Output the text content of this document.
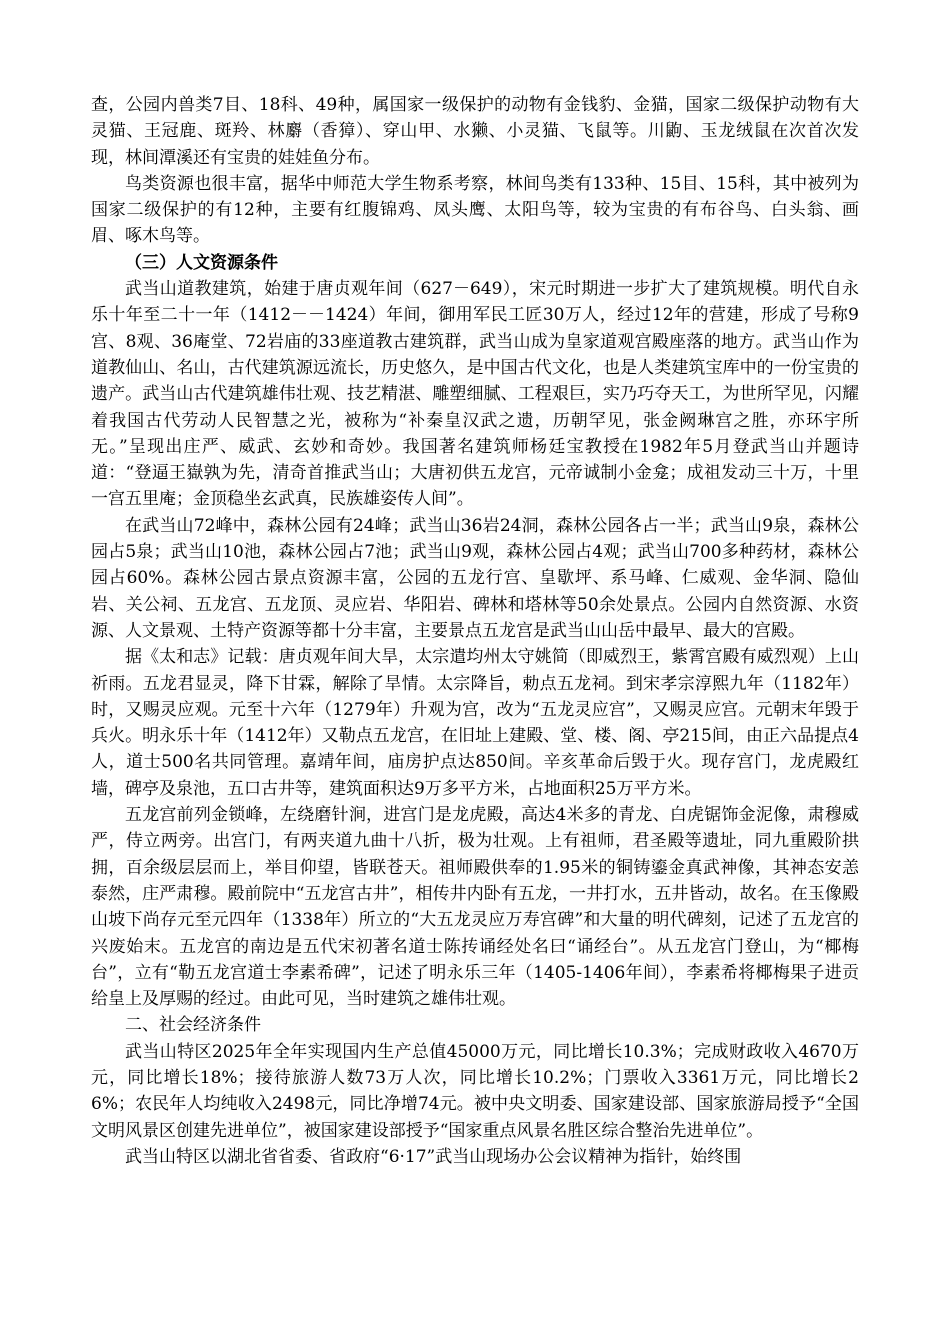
查，公园内兽类7目、18科、49种，属国家一级保护的动物有金钱豹、金猫，国家二级保护动物有大灵猫、王冠鹿、斑羚、林麝（香獐）、穿山甲、水獭、小灵猫、飞鼠等。川鼩、玉龙绒鼠在次首次发现，林间潭溪还有宝贵的娃娃鱼分布。

鸟类资源也很丰富，据华中师范大学生物系考察，林间鸟类有133种、15目、15科，其中被列为国家二级保护的有12种，主要有红腹锦鸡、凤头鹰、太阳鸟等，较为宝贵的有布谷鸟、白头翁、画眉、啄木鸟等。

（三）人文资源条件

武当山道教建筑，始建于唐贞观年间（627－649），宋元时期进一步扩大了建筑规模。明代自永乐十年至二十一年（1412－－1424）年间，御用军民工匠30万人，经过12年的营建，形成了号称9宫、8观、36庵堂、72岩庙的33座道教古建筑群，武当山成为皇家道观宫殿座落的地方。武当山作为道教仙山、名山，古代建筑源远流长，历史悠久，是中国古代文化，也是人类建筑宝库中的一份宝贵的遗产。武当山古代建筑雄伟壮观、技艺精湛、雕塑细腻、工程艰巨，实乃巧夺天工，为世所罕见，闪耀着我国古代劳动人民智慧之光，被称为“补秦皇汉武之遗，历朝罕见，张金阙琳宫之胜，亦环宇所无。”呈现出庄严、威武、玄妙和奇妙。我国著名建筑师杨廷宝教授在1982年5月登武当山并题诗道：“登逼王嶽孰为先，清奇首推武当山；大唐初供五龙宫，元帝诚制小金龛；成祖发动三十万，十里一宫五里庵；金顶稳坐玄武真，民族雄姿传人间”。

在武当山72峰中，森林公园有24峰；武当山36岩24洞，森林公园各占一半；武当山9泉，森林公园占5泉；武当山10池，森林公园占7池；武当山9观，森林公园占4观；武当山700多种药材，森林公园占60%。森林公园古景点资源丰富，公园的五龙行宫、皇歇坪、系马峰、仁威观、金华洞、隐仙岩、关公祠、五龙宫、五龙顶、灵应岩、华阳岩、碑林和塔林等50余处景点。公园内自然资源、水资源、人文景观、土特产资源等都十分丰富，主要景点五龙宫是武当山山岳中最早、最大的宫殿。

据《太和志》记载：唐贞观年间大旱，太宗遣均州太守姚简（即威烈王，紫霄宫殿有威烈观）上山祈雨。五龙君显灵，降下甘霖，解除了旱情。太宗降旨，勅点五龙祠。到宋孝宗淳熙九年（1182年）时，又赐灵应观。元至十六年（1279年）升观为宫，改为“五龙灵应宫”，又赐灵应宫。元朝末年毁于兵火。明永乐十年（1412年）又勒点五龙宫，在旧址上建殿、堂、楼、阁、亭215间，由正六品提点4人，道士500名共同管理。嘉靖年间，庙房护点达850间。辛亥革命后毁于火。现存宫门，龙虎殿红墙，碑亭及泉池，五口古井等，建筑面积达9万多平方米，占地面积25万平方米。

五龙宫前列金锁峰，左绕磨针涧，进宫门是龙虎殿，高达4米多的青龙、白虎锯饰金泥像，肃穆威严，侍立两旁。出宫门，有两夹道九曲十八折，极为壮观。上有祖师，君圣殿等遗址，同九重殿阶拱拥，百余级层层而上，举目仰望，皆联苍天。祖师殿供奉的1.95米的铜铸鎏金真武神像，其神态安恙泰然，庄严肃穆。殿前院中“五龙宫古井”，相传井内卧有五龙，一井打水，五井皆动，故名。在玉像殿山坡下尚存元至元四年（1338年）所立的“大五龙灵应万寿宫碑”和大量的明代碑刻，记述了五龙宫的兴废始末。五龙宫的南边是五代宋初著名道士陈抟诵经处名曰“诵经台”。从五龙宫门登山，为“椰梅台”，立有“勒五龙宫道士李素希碑”，记述了明永乐三年（1405-1406年间），李素希将椰梅果子进贡给皇上及厚赐的经过。由此可见，当时建筑之雄伟壮观。

二、社会经济条件

武当山特区2025年全年实现国内生产总值45000万元，同比增长10.3%；完成财政收入4670万元，同比增长18%；接待旅游人数73万人次，同比增长10.2%；门票收入3361万元，同比增长26%；农民年人均纯收入2498元，同比净增74元。被中央文明委、国家建设部、国家旅游局授予“全国文明风景区创建先进单位”，被国家建设部授予“国家重点风景名胜区综合整治先进单位”。

武当山特区以湖北省省委、省政府“6·17”武当山现场办公会议精神为指针，始终围
